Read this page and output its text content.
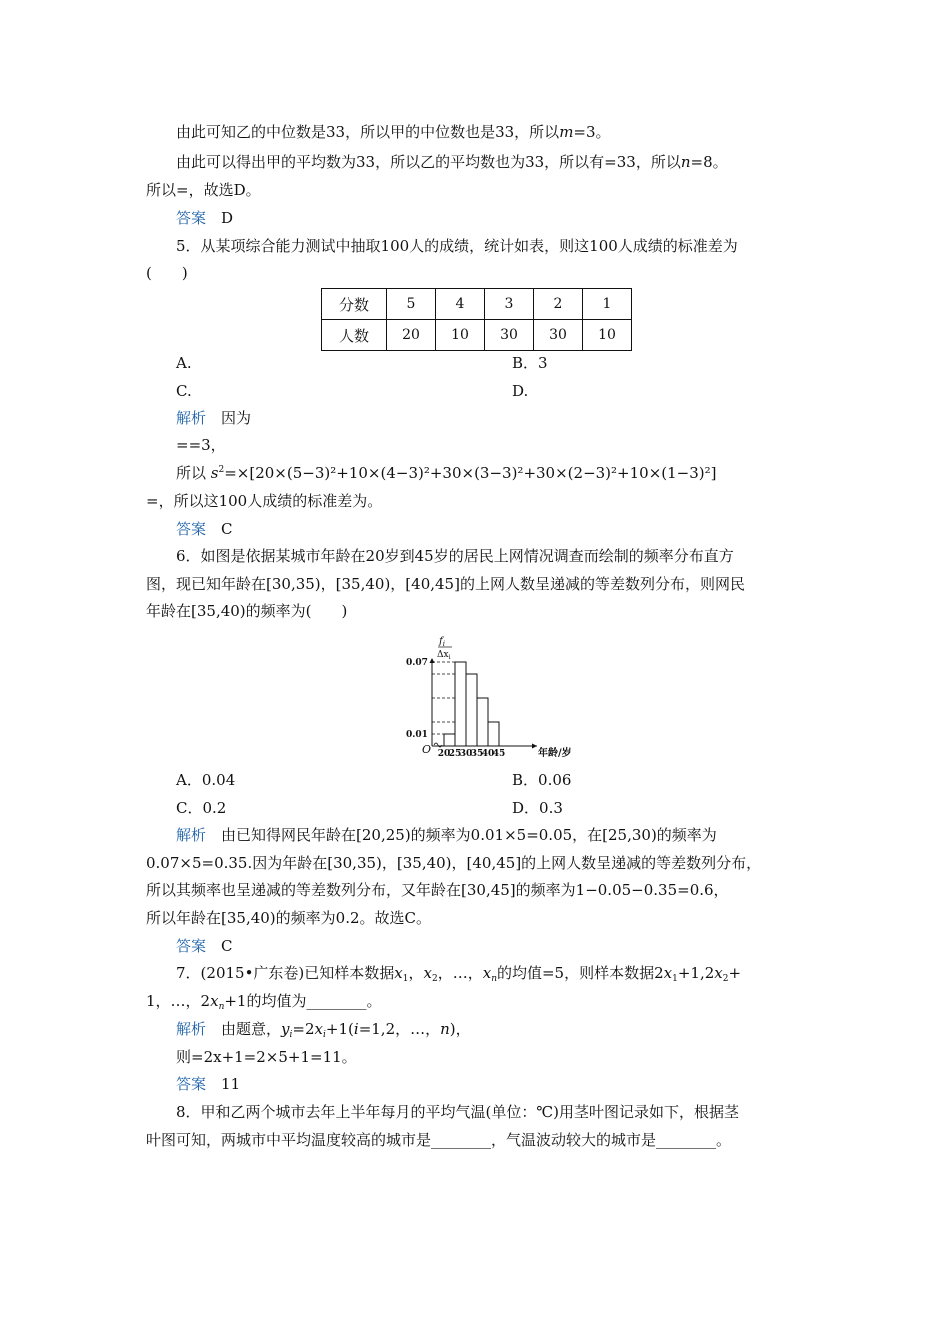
由此可知乙的中位数是33，所以甲的中位数也是33，所以m=3。
由此可以得出甲的平均数为33，所以乙的平均数也为33，所以有=33，所以n=8。
所以=，故选D。
答案　 D
5．从某项综合能力测试中抽取100人的成绩，统计如表，则这100人成绩的标准差为
(　　)
分数	5	4	3	2	1
人数	20	10	30	30	10
A.	B．3
C.	D.
解析　 因为
==3，
所以 $s^2=\times[20\times(5-3)^2+10\times(4-3)^2+30\times(3-3)^2+30\times(2-3)^2+10\times(1-3)^2]$
=，所以这100人成绩的标准差为。
答案　 C
6．如图是依据某城市年龄在20岁到45岁的居民上网情况调查而绘制的频率分布直方
图，现已知年龄在[30,35)，[35,40)，[40,45]的上网人数呈递减的等差数列分布，则网民
年龄在[35,40)的频率为(　　)
$f_i$
$\Delta x_i$
O	年龄/岁
0.07
0.01
20
25
30
35
40
45
A．0.04	B．0.06
C．0.2	D．0.3
解析　 由已知得网民年龄在[20,25)的频率为0.01×5=0.05，在[25,30)的频率为
0.07×5=0.35.因为年龄在[30,35)，[35,40)，[40,45]的上网人数呈递减的等差数列分布，
所以其频率也呈递减的等差数列分布，又年龄在[30,45]的频率为1−0.05−0.35=0.6，
所以年龄在[35,40)的频率为0.2。故选C。
答案　 C
7．(2015•广东卷)已知样本数据$x_1$，$x_2$，…，$x_n$的均值=5，则样本数据$2x_1+1,2x_2+$
1，…，$2x_n+1$的均值为________。
解析　 由题意，$y_i=2x_i+1(i=1,2$，…，n)，
则=2x+1=2×5+1=11。
答案　 11
8．甲和乙两个城市去年上半年每月的平均气温(单位：℃)用茎叶图记录如下，根据茎
叶图可知，两城市中平均温度较高的城市是________，气温波动较大的城市是________。
